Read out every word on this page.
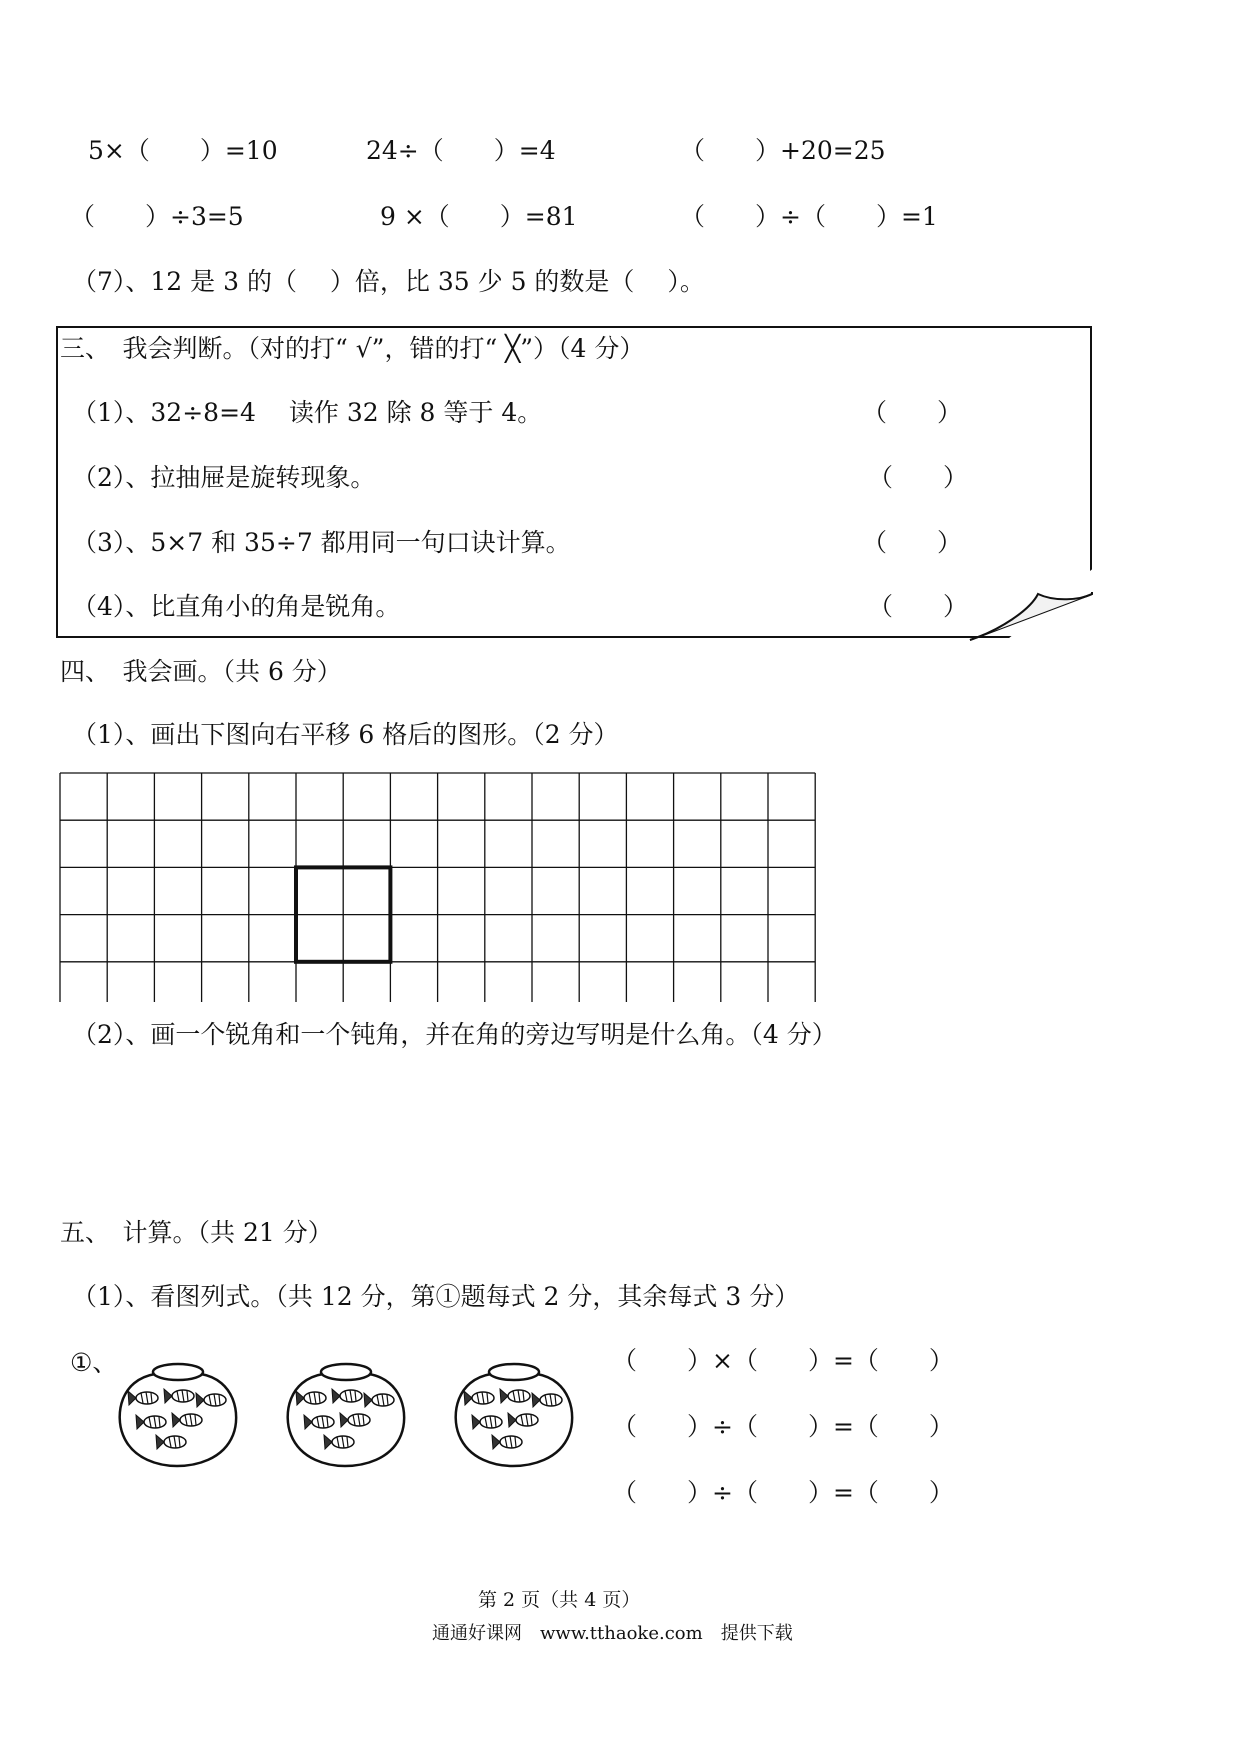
5×（　　）=10	24÷（　　）=4	（　　）+20=25
（　　）÷3=5	9 ×（　　）=81	（　　）÷（　　）=1
（7）、12 是 3 的（　 ）倍，比 35 少 5 的数是（　 ）。
三、　我会判断。（对的打“ √”，错的打“ ╳”）（4 分）
（1）、32÷8=4　 读作 32 除 8 等于 4。	（　　）
（2）、拉抽屉是旋转现象。	（　　）
（3）、5×7 和 35÷7 都用同一句口诀计算。	（　　）
（4）、比直角小的角是锐角。	（　　）
四、　我会画。（共 6 分）
（1）、画出下图向右平移 6 格后的图形。（2 分）
（2）、画一个锐角和一个钝角，并在角的旁边写明是什么角。（4 分）
五、　计算。（共 21 分）
（1）、看图列式。（共 12 分，第①题每式 2 分，其余每式 3 分）
①、	（　　）×（　　）=（　　）
（　　）÷（　　）=（　　）
（　　）÷（　　）=（　　）
第 2 页（共 4 页）
通通好课网　www.tthaoke.com　提供下载
